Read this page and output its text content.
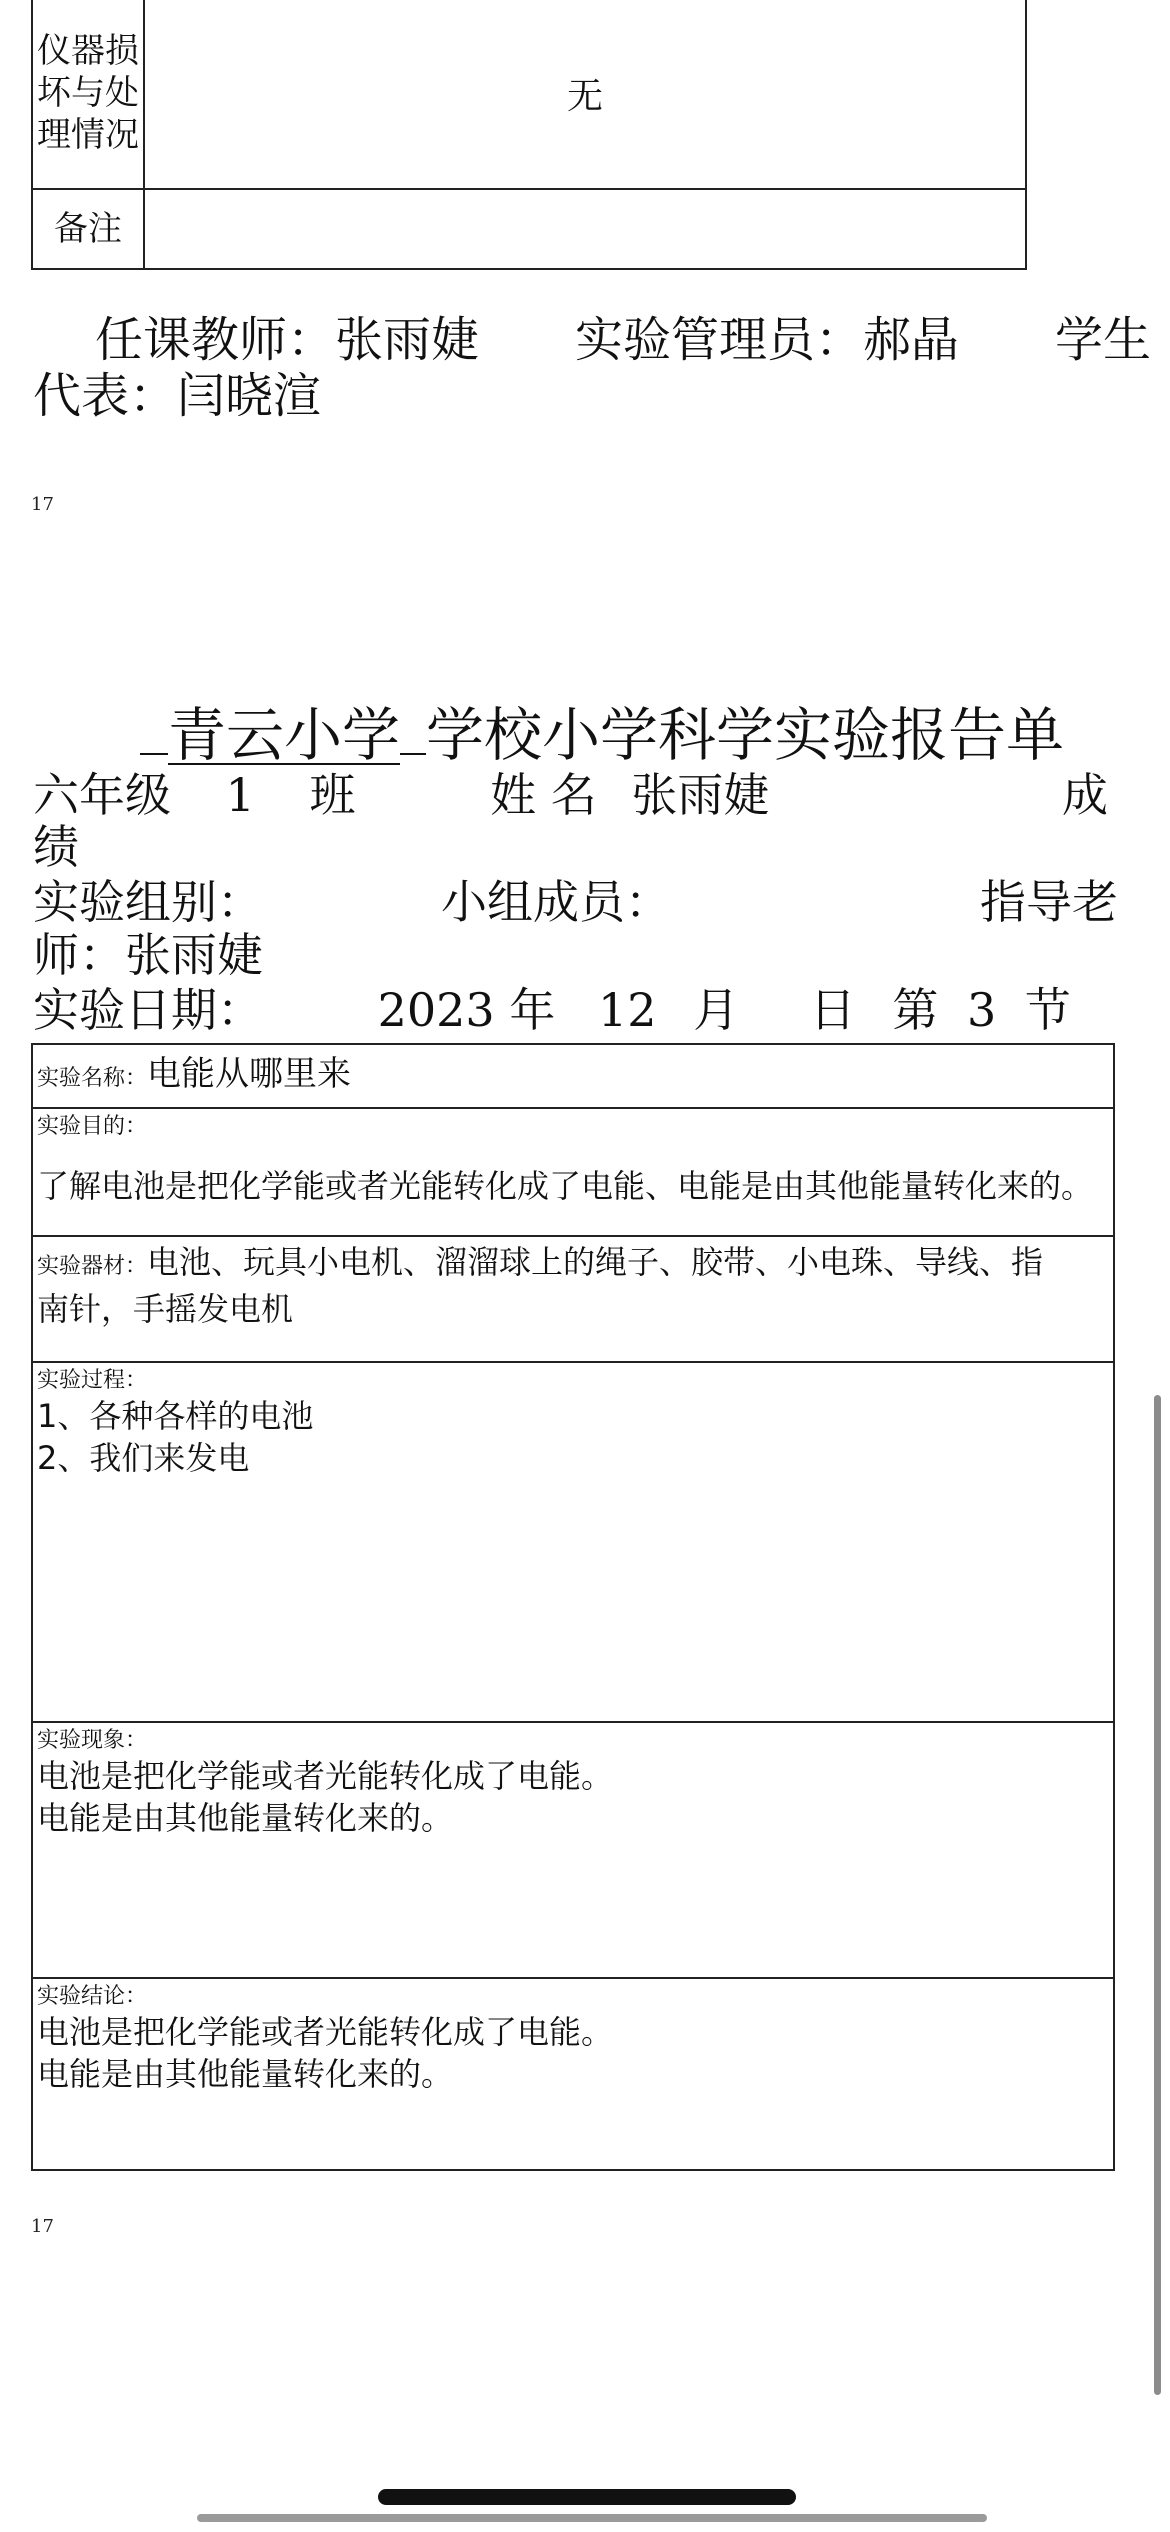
仪器损
坏与处
理情况	无
备注	
任课教师：张雨婕　　实验管理员：郝晶　　学生
代表：闫晓渲
17
青云小学 学校小学科学实验报告单
六年级 1 班	姓 名 张雨婕	成
绩
实验组别：	小组成员：	指导老
师：张雨婕
实验日期： 2023 年 12 月 日 第 3 节
实验名称：电能从哪里来
实验目的：
了解电池是把化学能或者光能转化成了电能、电能是由其他能量转化来的。
实验器材：电池、玩具小电机、溜溜球上的绳子、胶带、小电珠、导线、指
南针，手摇发电机
实验过程：
1、各种各样的电池
2、我们来发电
实验现象：
电池是把化学能或者光能转化成了电能。
电能是由其他能量转化来的。
实验结论：
电池是把化学能或者光能转化成了电能。
电能是由其他能量转化来的。
17
